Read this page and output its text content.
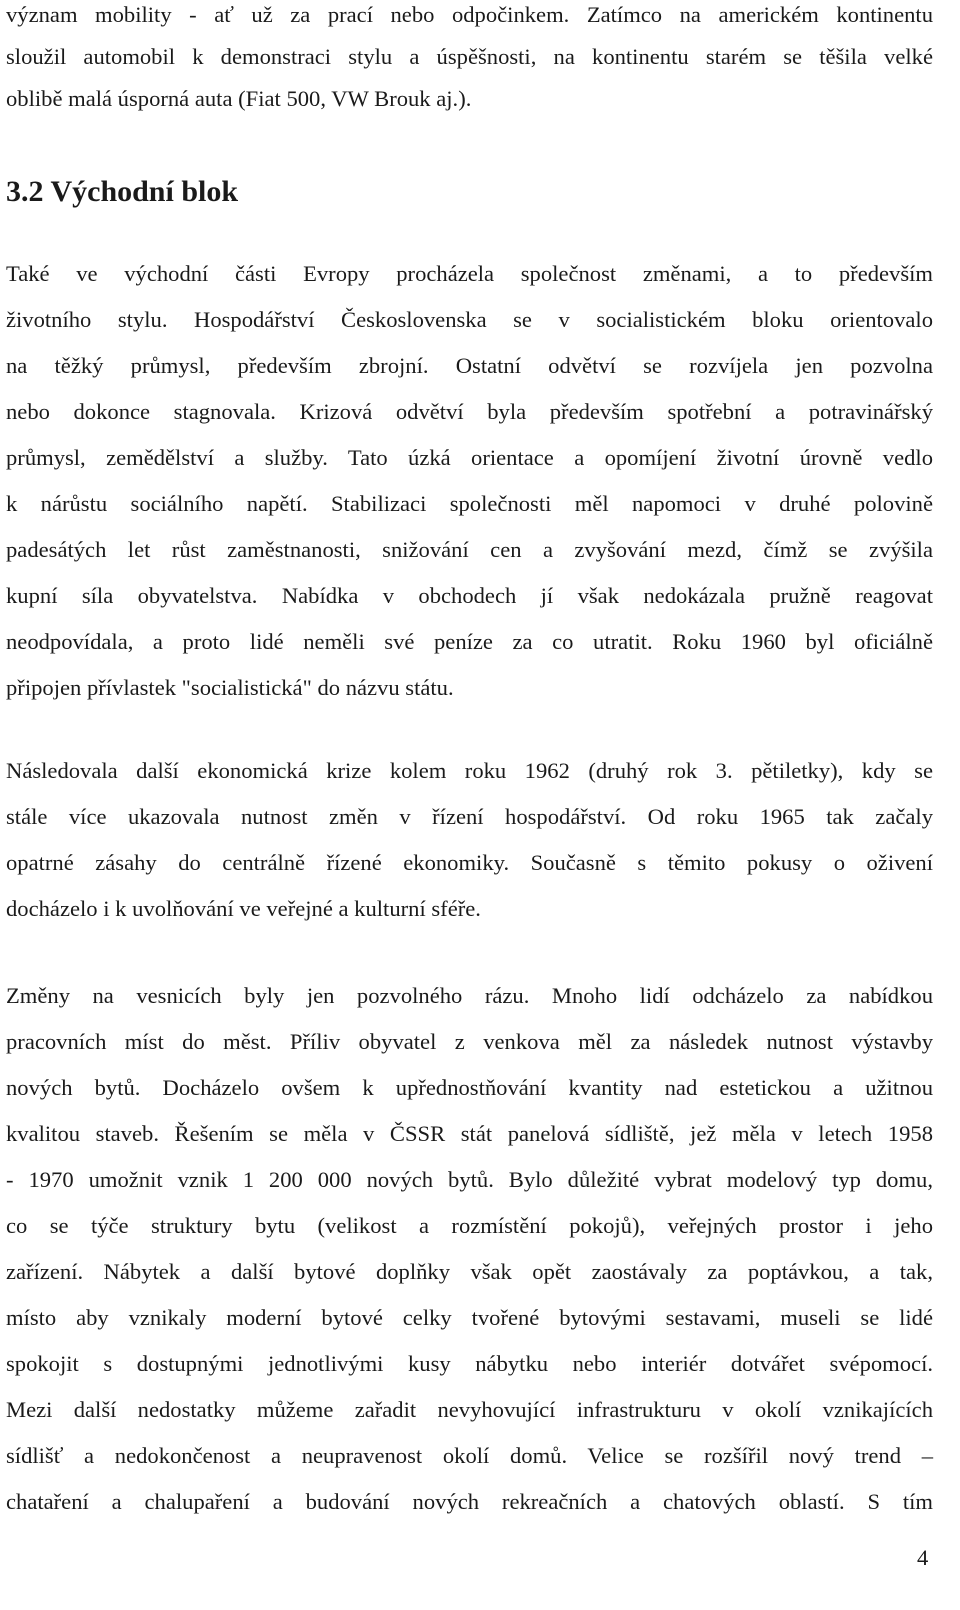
význam mobility - ať už za prací nebo odpočinkem. Zatímco na americkém kontinentu
sloužil automobil k demonstraci stylu a úspěšnosti, na kontinentu starém se těšila velké
oblibě malá úsporná auta (Fiat 500, VW Brouk aj.).
3.2 Východní blok
Také ve východní části Evropy procházela společnost změnami, a to především
životního stylu. Hospodářství Československa se v socialistickém bloku orientovalo
na těžký průmysl, především zbrojní. Ostatní odvětví se rozvíjela jen pozvolna
nebo dokonce stagnovala. Krizová odvětví byla především spotřební a potravinářský
průmysl, zemědělství a služby. Tato úzká orientace a opomíjení životní úrovně vedlo
k nárůstu sociálního napětí. Stabilizaci společnosti měl napomoci v druhé polovině
padesátých let růst zaměstnanosti, snižování cen a zvyšování mezd, čímž se zvýšila
kupní síla obyvatelstva. Nabídka v obchodech jí však nedokázala pružně reagovat
neodpovídala, a proto lidé neměli své peníze za co utratit. Roku 1960 byl oficiálně
připojen přívlastek "socialistická" do názvu státu.
Následovala další ekonomická krize kolem roku 1962 (druhý rok 3. pětiletky), kdy se
stále více ukazovala nutnost změn v řízení hospodářství. Od roku 1965 tak začaly
opatrné zásahy do centrálně řízené ekonomiky. Současně s těmito pokusy o oživení
docházelo i k uvolňování ve veřejné a kulturní sféře.
Změny na vesnicích byly jen pozvolného rázu. Mnoho lidí odcházelo za nabídkou
pracovních míst do měst. Příliv obyvatel z venkova měl za následek nutnost výstavby
nových bytů. Docházelo ovšem k upřednostňování kvantity nad estetickou a užitnou
kvalitou staveb. Řešením se měla v ČSSR stát panelová sídliště, jež měla v letech 1958
- 1970 umožnit vznik 1 200 000 nových bytů. Bylo důležité vybrat modelový typ domu,
co se týče struktury bytu (velikost a rozmístění pokojů), veřejných prostor i jeho
zařízení. Nábytek a další bytové doplňky však opět zaostávaly za poptávkou, a tak,
místo aby vznikaly moderní bytové celky tvořené bytovými sestavami, museli se lidé
spokojit s dostupnými jednotlivými kusy nábytku nebo interiér dotvářet svépomocí.
Mezi další nedostatky můžeme zařadit nevyhovující infrastrukturu v okolí vznikajících
sídlišť a nedokončenost a neupravenost okolí domů. Velice se rozšířil nový trend –
chataření a chalupaření a budování nových rekreačních a chatových oblastí. S tím
4
